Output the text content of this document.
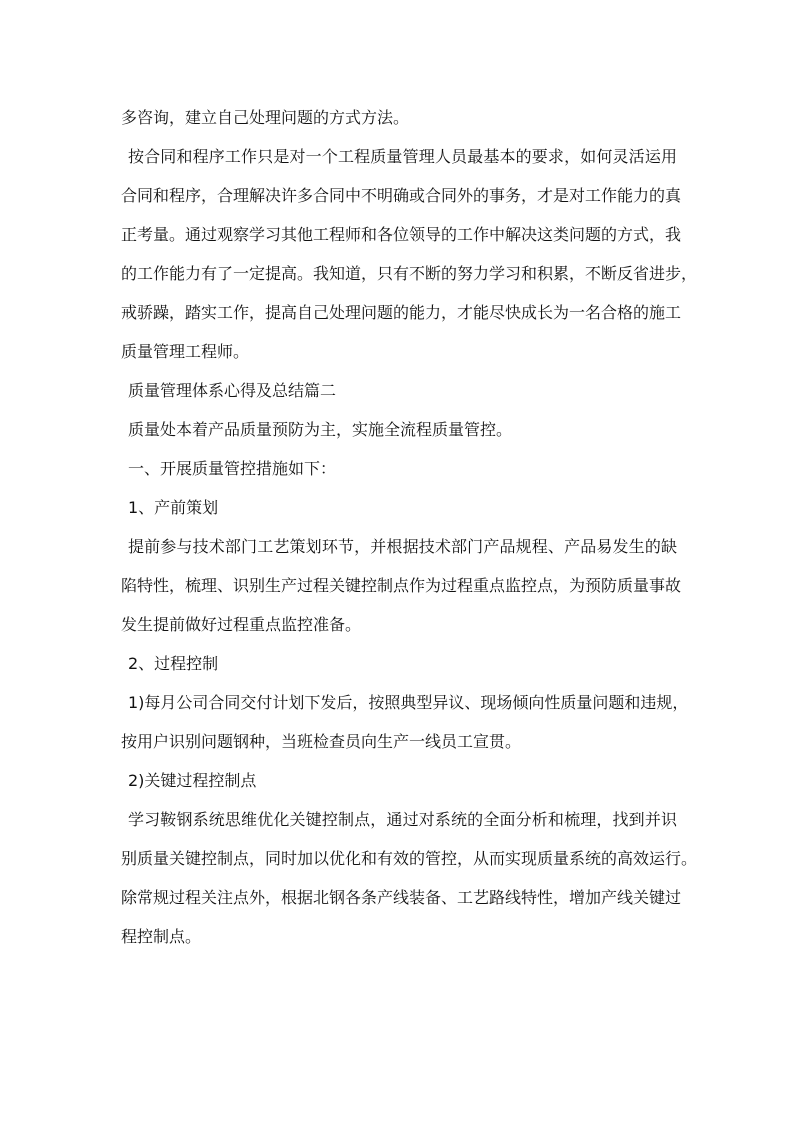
多咨询，建立自己处理问题的方式方法。
按合同和程序工作只是对一个工程质量管理人员最基本的要求，如何灵活运用
合同和程序，合理解决许多合同中不明确或合同外的事务，才是对工作能力的真
正考量。通过观察学习其他工程师和各位领导的工作中解决这类问题的方式，我
的工作能力有了一定提高。我知道，只有不断的努力学习和积累，不断反省进步，
戒骄躁，踏实工作，提高自己处理问题的能力，才能尽快成长为一名合格的施工
质量管理工程师。
质量管理体系心得及总结篇二
质量处本着产品质量预防为主，实施全流程质量管控。
一、开展质量管控措施如下：
1、产前策划
提前参与技术部门工艺策划环节，并根据技术部门产品规程、产品易发生的缺
陷特性，梳理、识别生产过程关键控制点作为过程重点监控点，为预防质量事故
发生提前做好过程重点监控准备。
2、过程控制
1)每月公司合同交付计划下发后，按照典型异议、现场倾向性质量问题和违规，
按用户识别问题钢种，当班检查员向生产一线员工宣贯。
2)关键过程控制点
学习鞍钢系统思维优化关键控制点，通过对系统的全面分析和梳理，找到并识
别质量关键控制点，同时加以优化和有效的管控，从而实现质量系统的高效运行。
除常规过程关注点外，根据北钢各条产线装备、工艺路线特性，增加产线关键过
程控制点。
